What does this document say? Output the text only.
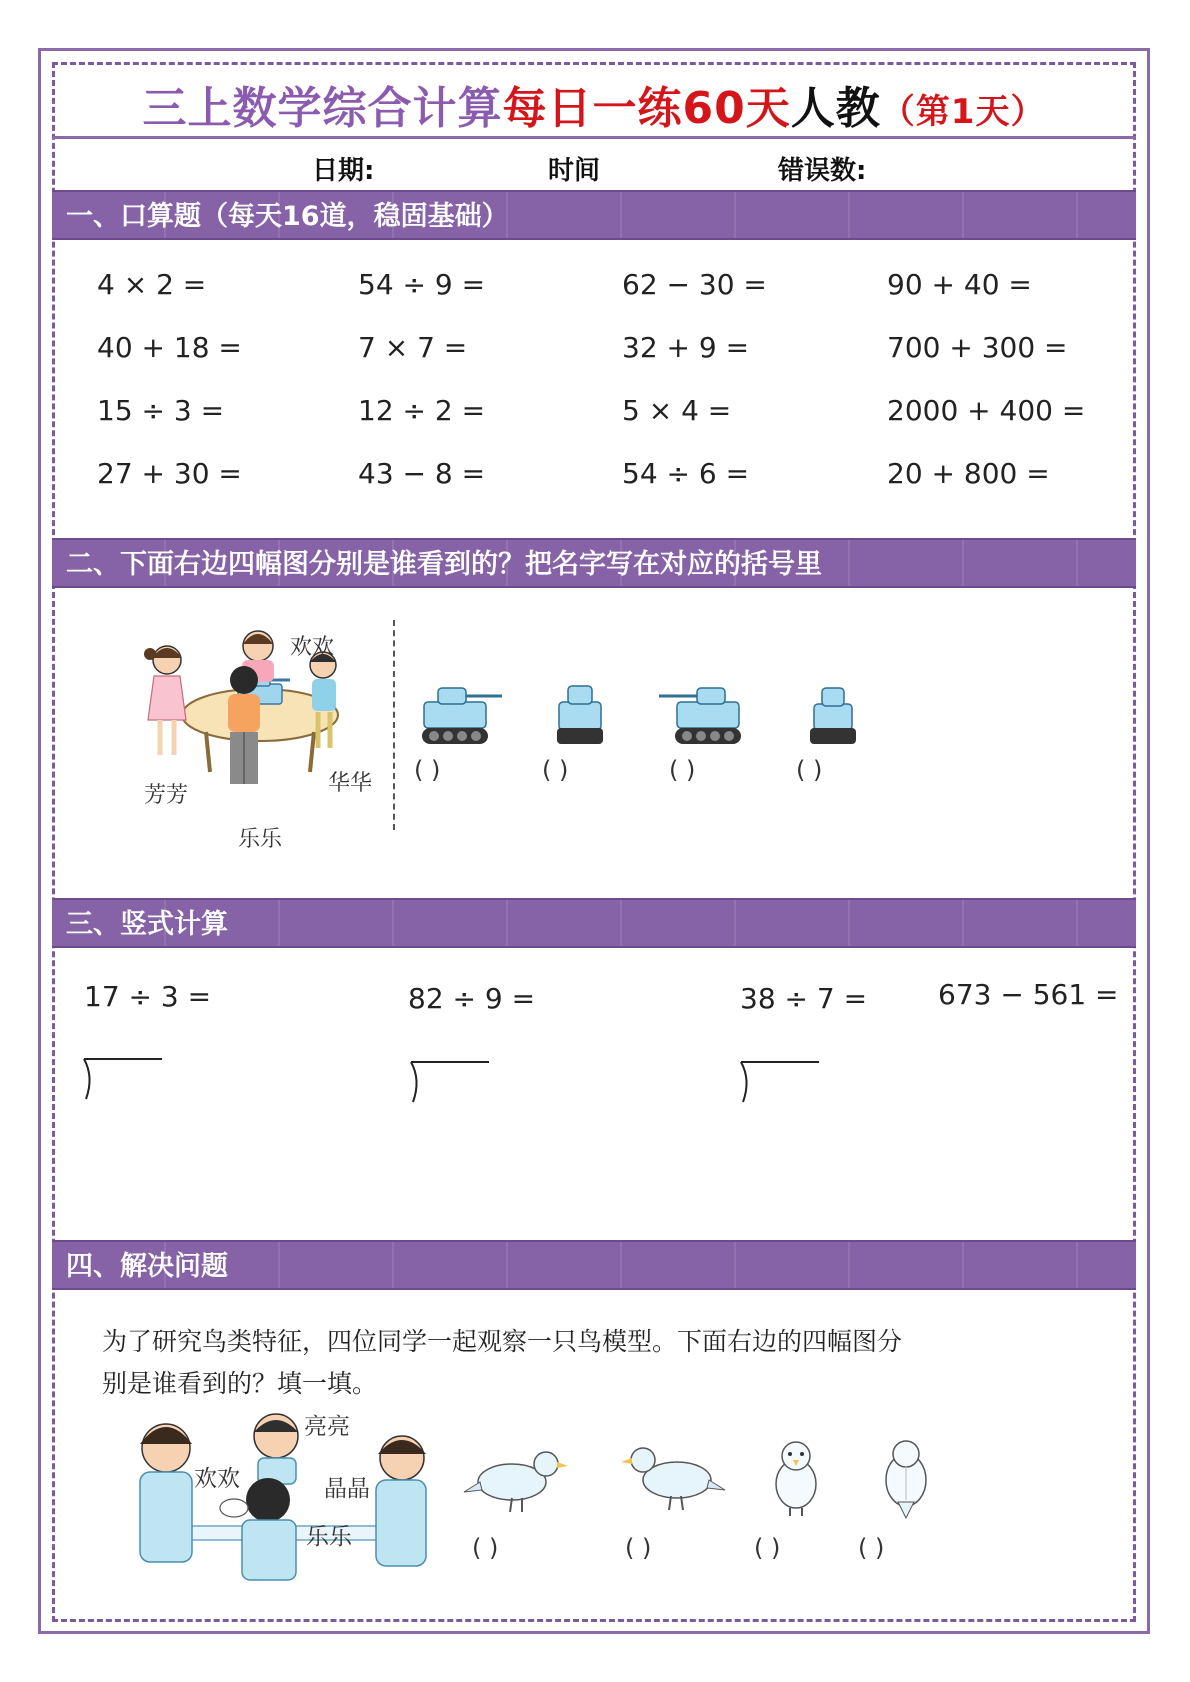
三上数学综合计算每日一练60天人教（第1天）
日期:	时间	错误数:
一、口算题（每天16道，稳固基础）
4 × 2 =	54 ÷ 9 =	62 − 30 =	90 + 40 =
40 + 18 =	7 × 7 =	32 + 9 =	700 + 300 =
15 ÷ 3 =	12 ÷ 2 =	5 × 4 =	2000 + 400 =
27 + 30 =	43 − 8 =	54 ÷ 6 =	20 + 800 =
二、下面右边四幅图分别是谁看到的？把名字写在对应的括号里
欢欢
芳芳	华华
乐乐
( )	( )	( )	( )
三、竖式计算
17 ÷ 3 =	82 ÷ 9 =	38 ÷ 7 =	673 − 561 =
四、解决问题
为了研究鸟类特征，四位同学一起观察一只鸟模型。下面右边的四幅图分
别是谁看到的？填一填。
亮亮
欢欢	晶晶
乐乐	( )	( )	( )	( )
